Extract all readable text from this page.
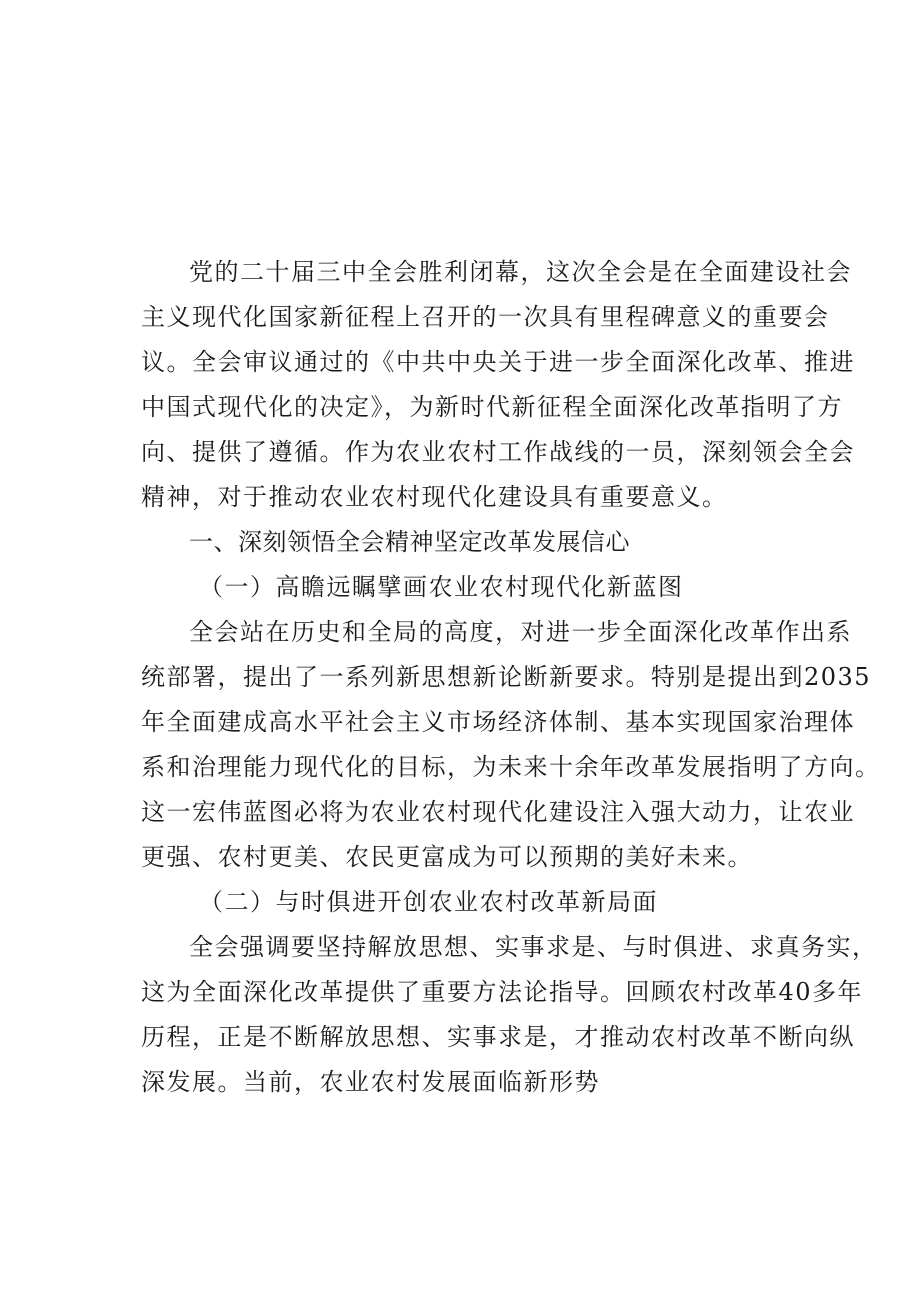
党的二十届三中全会胜利闭幕，这次全会是在全面建设社会
主义现代化国家新征程上召开的一次具有里程碑意义的重要会
议。全会审议通过的《中共中央关于进一步全面深化改革、推进
中国式现代化的决定》，为新时代新征程全面深化改革指明了方
向、提供了遵循。作为农业农村工作战线的一员，深刻领会全会
精神，对于推动农业农村现代化建设具有重要意义。
一、深刻领悟全会精神坚定改革发展信心
（一）高瞻远瞩擘画农业农村现代化新蓝图
全会站在历史和全局的高度，对进一步全面深化改革作出系
统部署，提出了一系列新思想新论断新要求。特别是提出到2035
年全面建成高水平社会主义市场经济体制、基本实现国家治理体
系和治理能力现代化的目标，为未来十余年改革发展指明了方向。
这一宏伟蓝图必将为农业农村现代化建设注入强大动力，让农业
更强、农村更美、农民更富成为可以预期的美好未来。
（二）与时俱进开创农业农村改革新局面
全会强调要坚持解放思想、实事求是、与时俱进、求真务实，
这为全面深化改革提供了重要方法论指导。回顾农村改革40多年
历程，正是不断解放思想、实事求是，才推动农村改革不断向纵
深发展。当前，农业农村发展面临新形势
